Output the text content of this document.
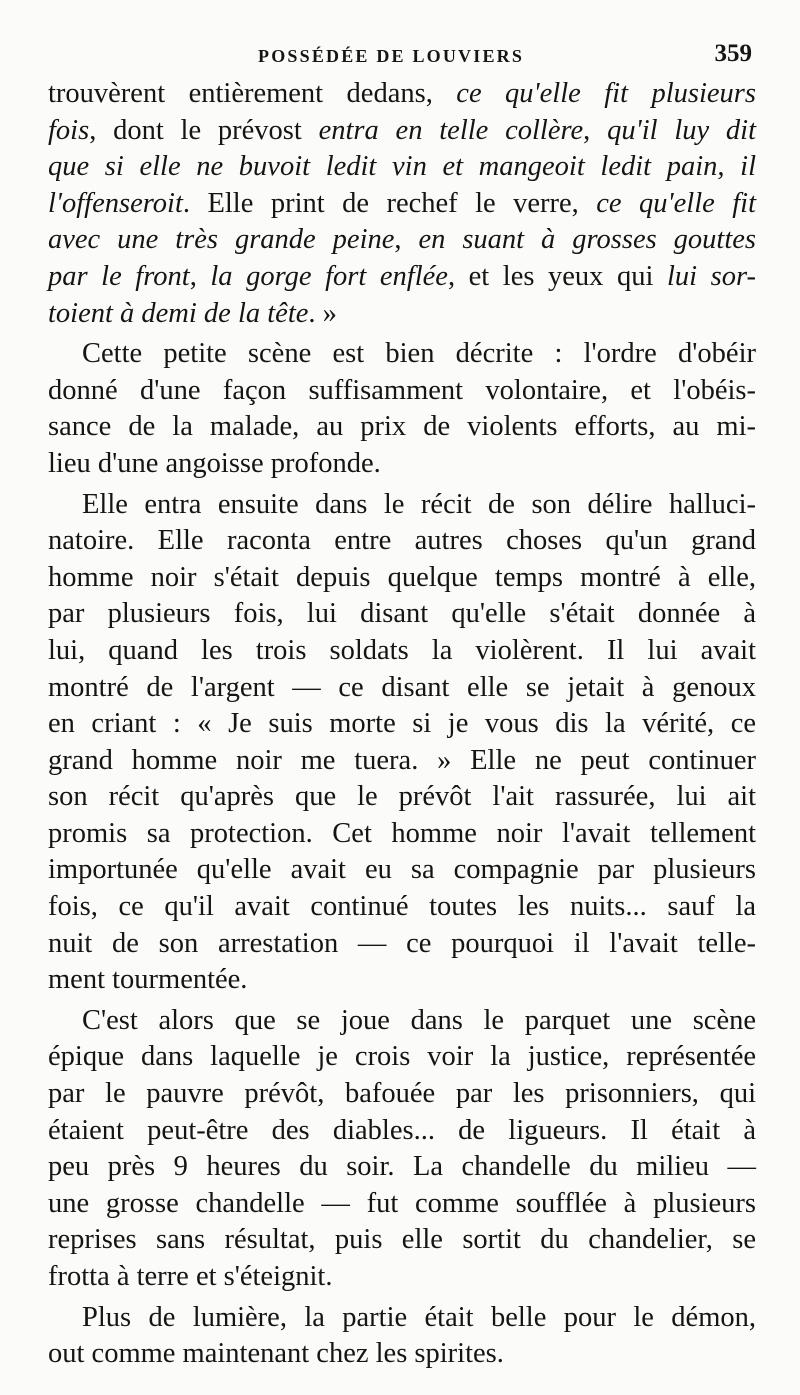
POSSÉDÉE DE LOUVIERS	359
trouvèrent entièrement dedans, ce qu'elle fit plusieurs
fois, dont le prévost entra en telle collère, qu'il luy dit
que si elle ne buvoit ledit vin et mangeoit ledit pain, il
l'offenseroit. Elle print de rechef le verre, ce qu'elle fit
avec une très grande peine, en suant à grosses gouttes
par le front, la gorge fort enflée, et les yeux qui lui sor-
toient à demi de la tête. »
Cette petite scène est bien décrite : l'ordre d'obéir
donné d'une façon suffisamment volontaire, et l'obéis-
sance de la malade, au prix de violents efforts, au mi-
lieu d'une angoisse profonde.
Elle entra ensuite dans le récit de son délire halluci-
natoire. Elle raconta entre autres choses qu'un grand
homme noir s'était depuis quelque temps montré à elle,
par plusieurs fois, lui disant qu'elle s'était donnée à
lui, quand les trois soldats la violèrent. Il lui avait
montré de l'argent — ce disant elle se jetait à genoux
en criant : « Je suis morte si je vous dis la vérité, ce
grand homme noir me tuera. » Elle ne peut continuer
son récit qu'après que le prévôt l'ait rassurée, lui ait
promis sa protection. Cet homme noir l'avait tellement
importunée qu'elle avait eu sa compagnie par plusieurs
fois, ce qu'il avait continué toutes les nuits... sauf la
nuit de son arrestation — ce pourquoi il l'avait telle-
ment tourmentée.
C'est alors que se joue dans le parquet une scène
épique dans laquelle je crois voir la justice, représentée
par le pauvre prévôt, bafouée par les prisonniers, qui
étaient peut-être des diables... de ligueurs. Il était à
peu près 9 heures du soir. La chandelle du milieu —
une grosse chandelle — fut comme soufflée à plusieurs
reprises sans résultat, puis elle sortit du chandelier, se
frotta à terre et s'éteignit.
Plus de lumière, la partie était belle pour le démon,
out comme maintenant chez les spirites.
